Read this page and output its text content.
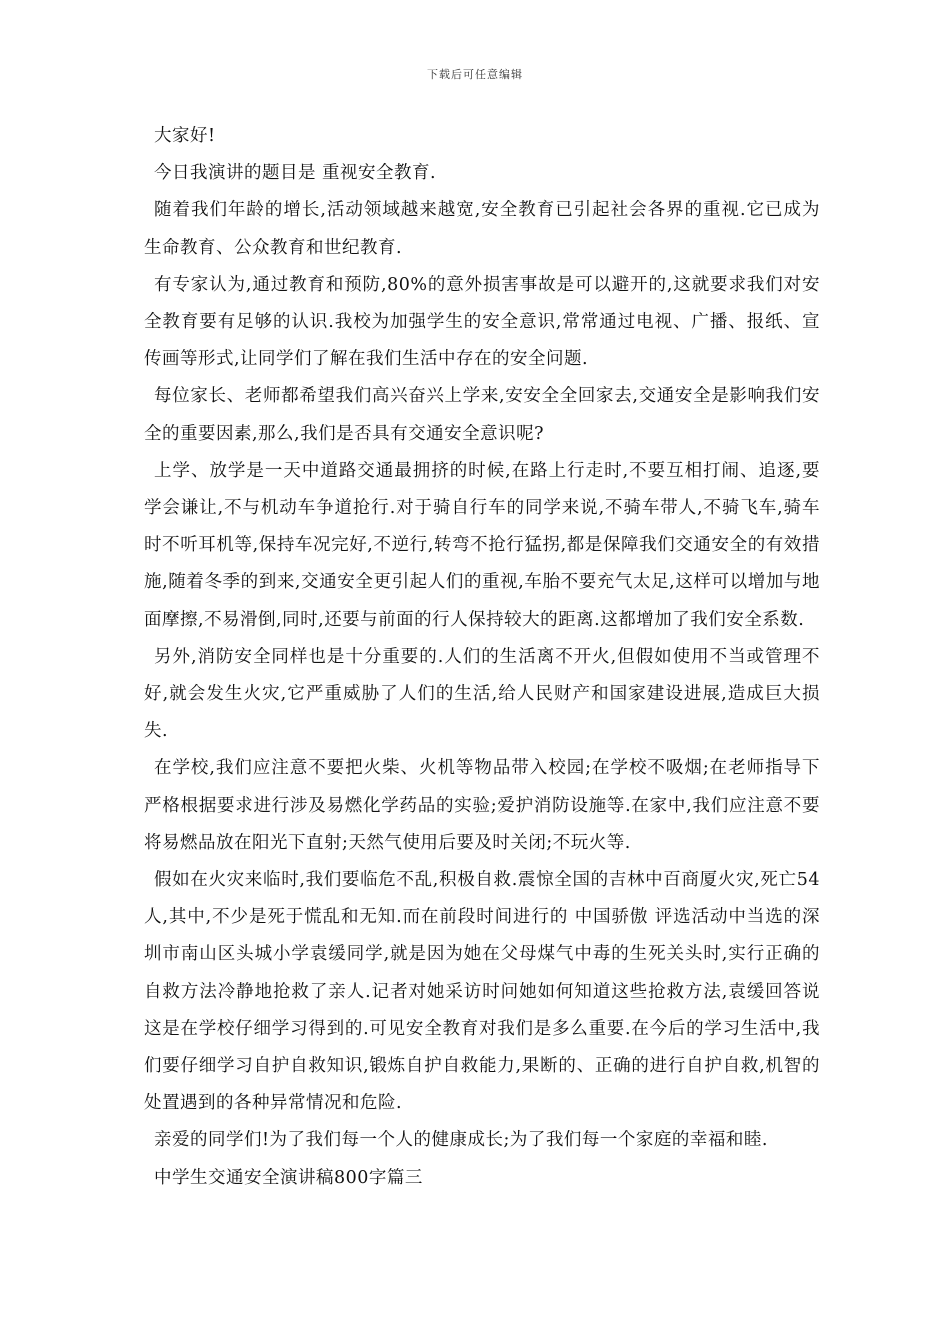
下载后可任意编辑

大家好!

今日我演讲的题目是 重视安全教育.

随着我们年龄的增长,活动领域越来越宽,安全教育已引起社会各界的重视.它已成为生命教育、公众教育和世纪教育.

有专家认为,通过教育和预防,80%的意外损害事故是可以避开的,这就要求我们对安全教育要有足够的认识.我校为加强学生的安全意识,常常通过电视、广播、报纸、宣传画等形式,让同学们了解在我们生活中存在的安全问题.

每位家长、老师都希望我们高兴奋兴上学来,安安全全回家去,交通安全是影响我们安全的重要因素,那么,我们是否具有交通安全意识呢?

上学、放学是一天中道路交通最拥挤的时候,在路上行走时,不要互相打闹、追逐,要学会谦让,不与机动车争道抢行.对于骑自行车的同学来说,不骑车带人,不骑飞车,骑车时不听耳机等,保持车况完好,不逆行,转弯不抢行猛拐,都是保障我们交通安全的有效措施,随着冬季的到来,交通安全更引起人们的重视,车胎不要充气太足,这样可以增加与地面摩擦,不易滑倒,同时,还要与前面的行人保持较大的距离.这都增加了我们安全系数.

另外,消防安全同样也是十分重要的.人们的生活离不开火,但假如使用不当或管理不好,就会发生火灾,它严重威胁了人们的生活,给人民财产和国家建设进展,造成巨大损失.

在学校,我们应注意不要把火柴、火机等物品带入校园;在学校不吸烟;在老师指导下严格根据要求进行涉及易燃化学药品的实验;爱护消防设施等.在家中,我们应注意不要将易燃品放在阳光下直射;天然气使用后要及时关闭;不玩火等.

假如在火灾来临时,我们要临危不乱,积极自救.震惊全国的吉林中百商厦火灾,死亡54人,其中,不少是死于慌乱和无知.而在前段时间进行的 中国骄傲 评选活动中当选的深圳市南山区头城小学袁缓同学,就是因为她在父母煤气中毒的生死关头时,实行正确的自救方法冷静地抢救了亲人.记者对她采访时问她如何知道这些抢救方法,袁缓回答说这是在学校仔细学习得到的.可见安全教育对我们是多么重要.在今后的学习生活中,我们要仔细学习自护自救知识,锻炼自护自救能力,果断的、正确的进行自护自救,机智的处置遇到的各种异常情况和危险.

亲爱的同学们!为了我们每一个人的健康成长;为了我们每一个家庭的幸福和睦.

中学生交通安全演讲稿800字篇三
